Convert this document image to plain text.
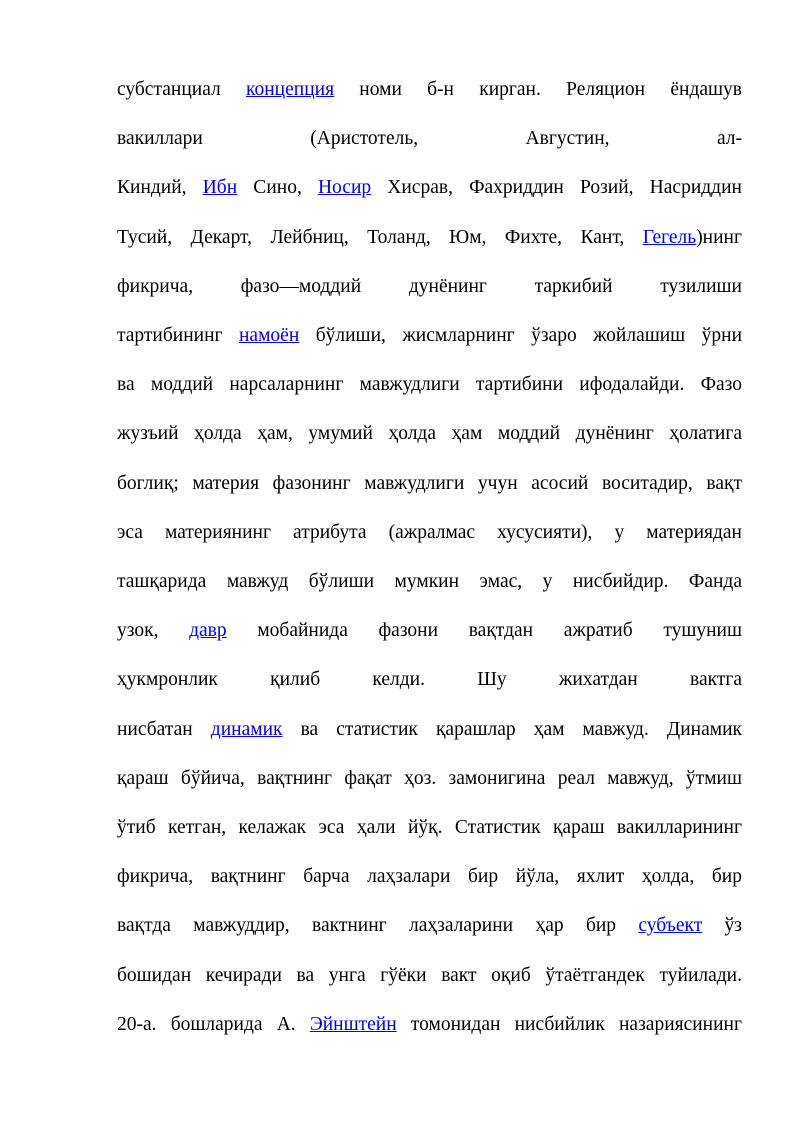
субстанциал концепция номи б-н кирган. Реляцион ёндашув
вакиллари (Аристотель, Августин, ал-
Киндий, Ибн Сино, Носир Хисрав, Фахриддин Розий, Насриддин
Тусий, Декарт, Лейбниц, Толанд, Юм, Фихте, Кант, Гегель)нинг
фикрича, фазо—моддий дунёнинг таркибий тузилиши
тартибининг намоён бўлиши, жисмларнинг ўзаро жойлашиш ўрни
ва моддий нарсаларнинг мавжудлиги тартибини ифодалайди. Фазо
жузъий ҳолда ҳам, умумий ҳолда ҳам моддий дунёнинг ҳолатига
боглиқ; материя фазонинг мавжудлиги учун асосий воситадир, вақт
эса материянинг атрибута (ажралмас хусусияти), у материядан
ташқарида мавжуд бўлиши мумкин эмас, у нисбийдир. Фанда
узок, давр мобайнида фазони вақтдан ажратиб тушуниш
ҳукмронлик қилиб келди. Шу жихатдан вактга
нисбатан динамик ва статистик қарашлар ҳам мавжуд. Динамик
қараш бўйича, вақтнинг фақат ҳоз. замонигина реал мавжуд, ўтмиш
ўтиб кетган, келажак эса ҳали йўқ. Статистик қараш вакилларининг
фикрича, вақтнинг барча лаҳзалари бир йўла, яхлит ҳолда, бир
вақтда мавжуддир, вактнинг лаҳзаларини ҳар бир субъект ўз
бошидан кечиради ва унга гўёки вакт оқиб ўтаётгандек туйилади.
20-а. бошларида А. Эйнштейн томонидан нисбийлик назариясининг
